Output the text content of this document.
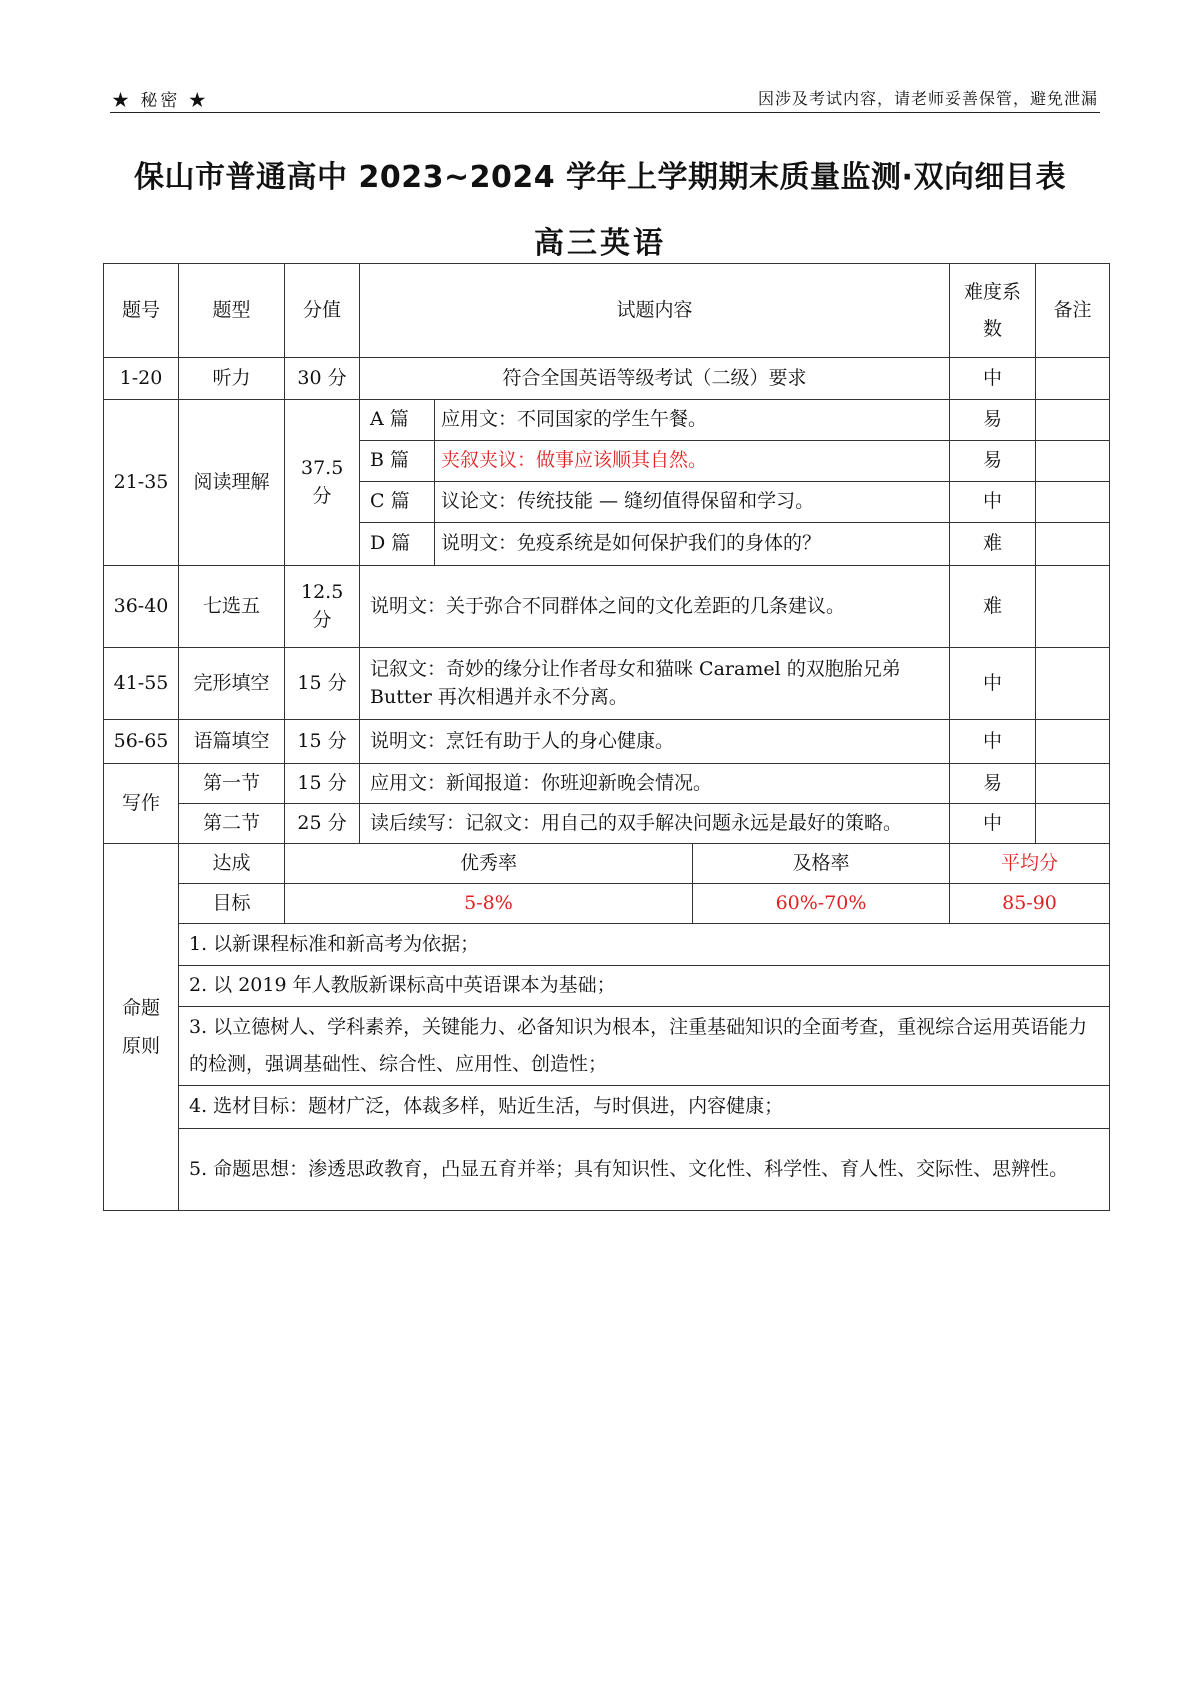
★ 秘密 ★	因涉及考试内容，请老师妥善保管，避免泄漏
保山市普通高中 2023~2024 学年上学期期末质量监测·双向细目表
高三英语
题号	题型	分值	试题内容			难度系数	备注
1-20	听力	30 分	符合全国英语等级考试（二级）要求			中	
21-35	阅读理解	37.5 分	A 篇	应用文：不同国家的学生午餐。		易	
			B 篇	夹叙夹议：做事应该顺其自然。		易	
			C 篇	议论文：传统技能 — 缝纫值得保留和学习。		中	
			D 篇	说明文：免疫系统是如何保护我们的身体的？		难	
36-40	七选五	12.5 分	说明文：关于弥合不同群体之间的文化差距的几条建议。			难	
41-55	完形填空	15 分	记叙文：奇妙的缘分让作者母女和猫咪 Caramel 的双胞胎兄弟 Butter 再次相遇并永不分离。			中	
56-65	语篇填空	15 分	说明文：烹饪有助于人的身心健康。			中	
写作	第一节	15 分	应用文：新闻报道：你班迎新晚会情况。			易	
	第二节	25 分	读后续写：记叙文：用自己的双手解决问题永远是最好的策略。			中	
命题
原则	达成	优秀率			及格率	平均分	
	目标	5-8%			60%-70%	85-90	
	1. 以新课程标准和新高考为依据；						
	2. 以 2019 年人教版新课标高中英语课本为基础；						
	3. 以立德树人、学科素养，关键能力、必备知识为根本，注重基础知识的全面考查，重视综合运用英语能力的检测，强调基础性、综合性、应用性、创造性；						
	4. 选材目标：题材广泛，体裁多样，贴近生活，与时俱进，内容健康；						
	5. 命题思想：渗透思政教育，凸显五育并举；具有知识性、文化性、科学性、育人性、交际性、思辨性。						
